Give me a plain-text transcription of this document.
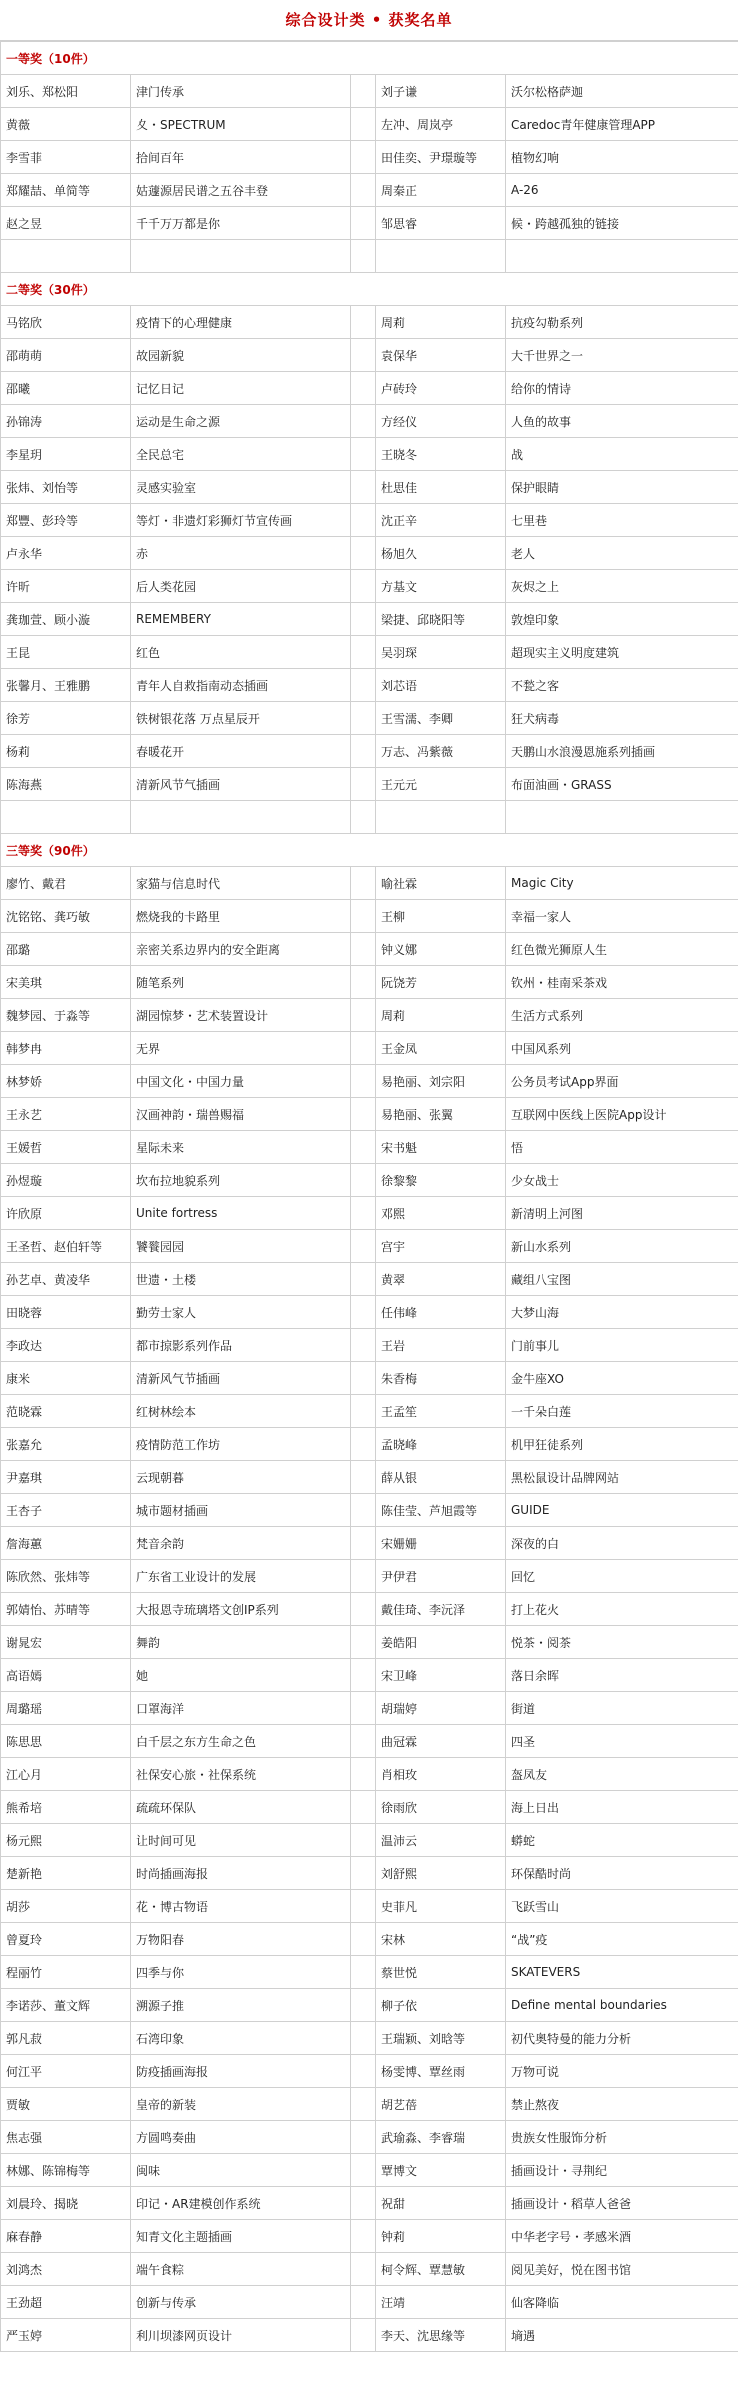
综合设计类 • 获奖名单
一等奖（10件）				
刘乐、郑松阳	津门传承		刘子谦	沃尔松格萨迦
黄薇	夊・SPECTRUM		左冲、周岚亭	Caredoc青年健康管理APP
李雪菲	拾间百年		田佳奕、尹璟璇等	植物幻响
郑耀喆、单简等	姑蘧源居民谱之五谷丰登		周秦正	A-26
赵之昱	千千万万都是你		邹思睿	候・跨越孤独的链接

二等奖（30件）				
马铭欣	疫情下的心理健康		周莉	抗疫勾勒系列
邵萌萌	故园新貌		袁保华	大千世界之一
邵曦	记忆日记		卢砖玲	给你的情诗
孙锦涛	运动是生命之源		方经仪	人鱼的故事
李星玥	全民总宅		王晓冬	战
张炜、刘怡等	灵感实验室		杜思佳	保护眼睛
郑豐、彭玲等	等灯・非遗灯彩狮灯节宣传画		沈正辛	七里巷
卢永华	赤		杨旭久	老人
许昕	后人类花园		方基文	灰烬之上
龚珈萱、顾小漩	REMEMBERY		梁捷、邱晓阳等	敦煌印象
王昆	红色		吴羽琛	超现实主义明度建筑
张馨月、王雅鹏	青年人自救指南动态插画		刘芯语	不甃之客
徐芳	铁树银花落 万点星辰开		王雪濡、李卿	狂犬病毒
杨莉	春暖花开		万志、冯紫薇	天鹏山水浪漫恩施系列插画
陈海燕	清新风节气插画		王元元	布面油画・GRASS

三等奖（90件）				
廖竹、戴君	家猫与信息时代		喻社霖	Magic City
沈铭铭、龚巧敏	燃烧我的卡路里		王柳	幸福一家人
邵璐	亲密关系边界内的安全距离		钟义娜	红色微光狮原人生
宋美琪	随笔系列		阮饶芳	钦州・桂南采茶戏
魏梦园、于淼等	湖园惊梦・艺术装置设计		周莉	生活方式系列
韩梦冉	无界		王金凤	中国风系列
林梦娇	中国文化・中国力量		易艳丽、刘宗阳	公务员考试App界面
王永艺	汉画神韵・瑞兽赐福		易艳丽、张翼	互联网中医线上医院App设计
王媛哲	星际未来		宋书魁	悟
孙煜璇	坎布拉地貌系列		徐黎黎	少女战士
许欣原	Unite fortress		邓熙	新清明上河图
王圣哲、赵伯轩等	饕餮园园		宫宇	新山水系列
孙艺卓、黄凌华	世遗・土楼		黄翠	藏组八宝图
田晓蓉	勤劳士家人		任伟峰	大梦山海
李政达	都市掠影系列作品		王岩	门前事儿
康米	清新风气节插画		朱香梅	金牛座XO
范晓霖	红树林绘本		王孟笙	一千朵白莲
张嘉允	疫情防范工作坊		孟晓峰	机甲狂徒系列
尹嘉琪	云现朝暮		薛从银	黑松鼠设计品牌网站
王杏子	城市题材插画		陈佳莹、芦旭霞等	GUIDE
詹海蕙	梵音余韵		宋姗姗	深夜的白
陈欣然、张炜等	广东省工业设计的发展		尹伊君	回忆
郭婧怡、苏晴等	大报恩寺琉璃塔文创IP系列		戴佳琦、李沅泽	打上花火
谢晁宏	舞韵		姜皓阳	悦茶・阅茶
高语嫣	她		宋卫峰	落日余晖
周璐瑶	口罩海洋		胡瑞婷	街道
陈思思	白千层之东方生命之色		曲冠霖	四圣
江心月	社保安心旅・社保系统		肖相玫	盔凤友
熊希培	疏疏环保队		徐雨欣	海上日出
杨元熙	让时间可见		温沛云	蟒蛇
楚新艳	时尚插画海报		刘舒熙	环保酷时尚
胡莎	花・博古物语		史菲凡	飞跃雪山
曾夏玲	万物阳春		宋林	“战”疫
程丽竹	四季与你		蔡世悦	SKATEVERS
李诺莎、董文辉	溯源子推		柳子依	Define mental boundaries
郭凡菽	石湾印象		王瑞颖、刘晗等	初代奥特曼的能力分析
何江平	防疫插画海报		杨雯博、覃丝雨	万物可说
贾敏	皇帝的新装		胡艺蓓	禁止熬夜
焦志强	方圆鸣奏曲		武瑜淼、李睿瑞	贵族女性服饰分析
林娜、陈锦梅等	闽味		覃博文	插画设计・寻荆纪
刘晨玲、揭晓	印记・AR建模创作系统		祝甜	插画设计・稻草人爸爸
麻春静	知青文化主题插画		钟莉	中华老字号・孝感米酒
刘鸿杰	端午食粽		柯令辉、覃慧敏	阅见美好，悦在图书馆
王劲超	创新与传承		汪靖	仙客降临
严玉婷	利川坝漆网页设计		李天、沈思缘等	墒遇
